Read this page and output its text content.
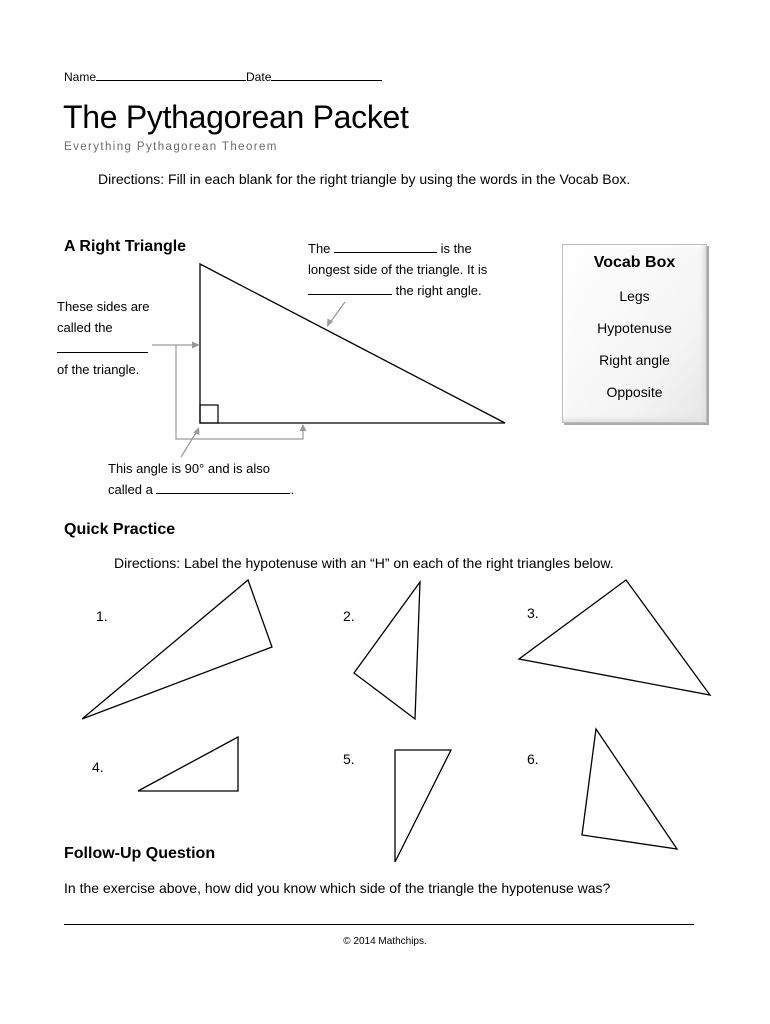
Name	Date
The Pythagorean Packet
Everything Pythagorean Theorem
Directions: Fill in each blank for the right triangle by using the words in the Vocab Box.
A Right Triangle	The	is the
longest side of the triangle. It is
the right angle.
These sides are
called the
of the triangle.
This angle is 90° and is also
called a	.
Vocab Box
Legs
Hypotenuse
Right angle
Opposite
Quick Practice
Directions: Label the hypotenuse with an “H” on each of the right triangles below.
1.	2.	3.
4.	5.	6.
Follow-Up Question
In the exercise above, how did you know which side of the triangle the hypotenuse was?
© 2014 Mathchips.
